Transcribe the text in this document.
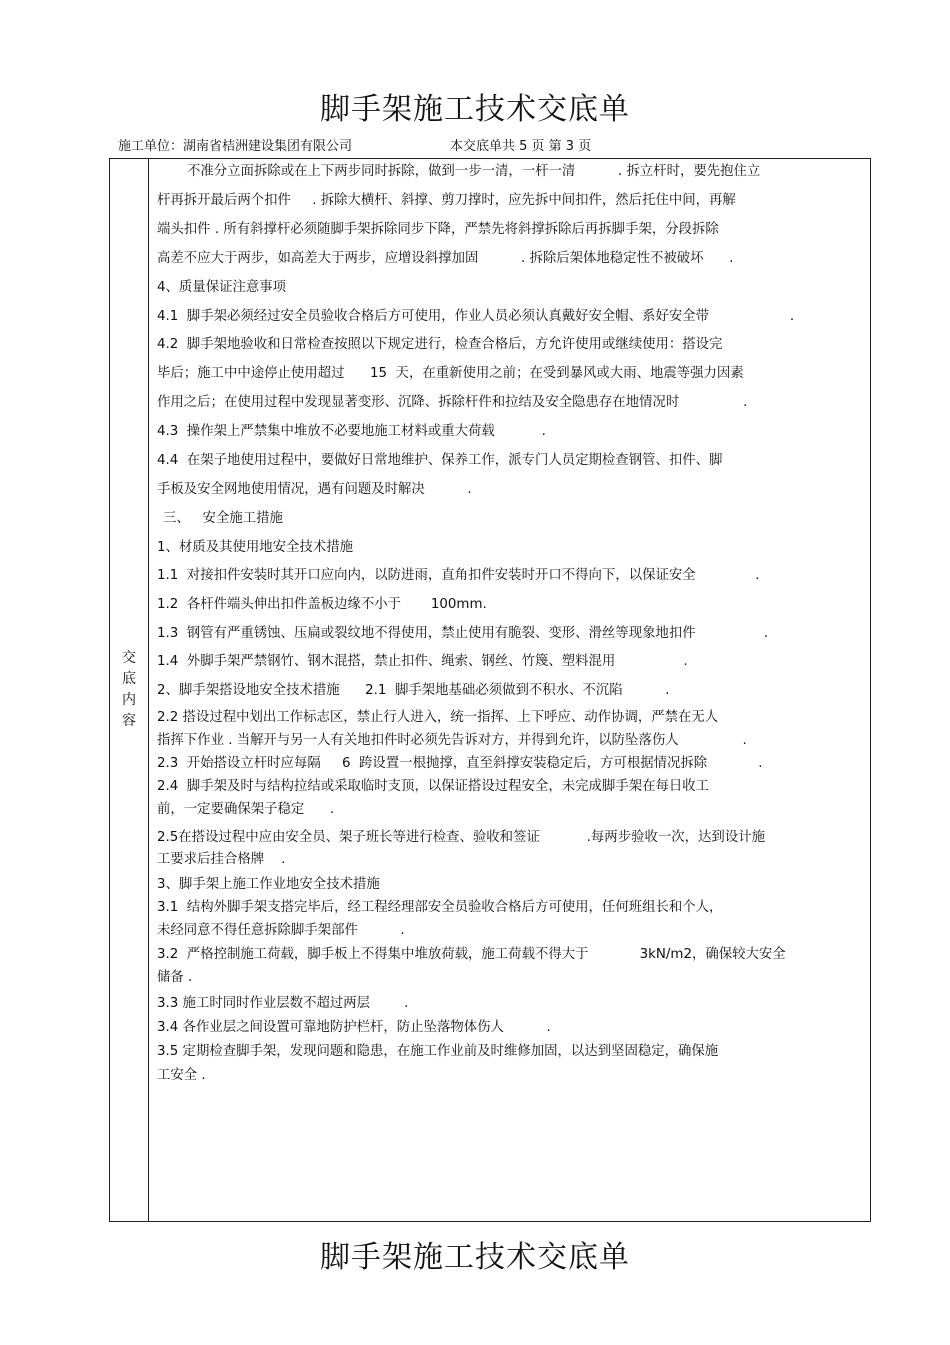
脚手架施工技术交底单
施工单位：湖南省桔洲建设集团有限公司	本交底单共 5 页 第 3 页
交
底
内
容
不准分立面拆除或在上下两步同时拆除，做到一步一清，一杆一清          . 拆立杆时，要先抱住立
杆再拆开最后两个扣件     . 拆除大横杆、斜撑、剪刀撑时，应先拆中间扣件，然后托住中间，再解
端头扣件 . 所有斜撑杆必须随脚手架拆除同步下降，严禁先将斜撑拆除后再拆脚手架，分段拆除
高差不应大于两步，如高差大于两步，应增设斜撑加固          . 拆除后架体地稳定性不被破坏      .
4、质量保证注意事项
4.1  脚手架必须经过安全员验收合格后方可使用，作业人员必须认真戴好安全帽、系好安全带                   .
4.2  脚手架地验收和日常检查按照以下规定进行，检查合格后，方允许使用或继续使用：搭设完
毕后；施工中中途停止使用超过      15  天，在重新使用之前；在受到暴风或大雨、地震等强力因素
作用之后；在使用过程中发现显著变形、沉降、拆除杆件和拉结及安全隐患存在地情况时               .
4.3  操作架上严禁集中堆放不必要地施工材料或重大荷载           .
4.4  在架子地使用过程中，要做好日常地维护、保养工作，派专门人员定期检查钢管、扣件、脚
手板及安全网地使用情况，遇有问题及时解决          .
三、   安全施工措施
1、材质及其使用地安全技术措施
1.1  对接扣件安装时其开口应向内，以防进雨，直角扣件安装时开口不得向下，以保证安全              .
1.2  各杆件端头伸出扣件盖板边缘不小于       100mm.
1.3  钢管有严重锈蚀、压扁或裂纹地不得使用，禁止使用有脆裂、变形、滑丝等现象地扣件                .
1.4  外脚手架严禁钢竹、钢木混搭，禁止扣件、绳索、钢丝、竹篾、塑料混用                .
2、脚手架搭设地安全技术措施      2.1  脚手架地基础必须做到不积水、不沉陷          .
2.2 搭设过程中划出工作标志区，禁止行人进入，统一指挥、上下呼应、动作协调，严禁在无人
指挥下作业 . 当解开与另一人有关地扣件时必须先告诉对方，并得到允许，以防坠落伤人               .
2.3  开始搭设立杆时应每隔     6  跨设置一根抛撑，直至斜撑安装稳定后，方可根据情况拆除            .
2.4  脚手架及时与结构拉结或采取临时支顶，以保证搭设过程安全，未完成脚手架在每日收工
前，一定要确保架子稳定      .
2.5在搭设过程中应由安全员、架子班长等进行检查、验收和签证           .每两步验收一次，达到设计施
工要求后挂合格牌    .
3、脚手架上施工作业地安全技术措施
3.1  结构外脚手架支搭完毕后，经工程经理部安全员验收合格后方可使用，任何班组长和个人，
未经同意不得任意拆除脚手架部件          .
3.2  严格控制施工荷载，脚手板上不得集中堆放荷载，施工荷载不得大于            3kN/m2，确保较大安全
储备 .
3.3 施工时同时作业层数不超过两层        .
3.4 各作业层之间设置可靠地防护栏杆，防止坠落物体伤人          .
3.5 定期检查脚手架，发现问题和隐患，在施工作业前及时维修加固，以达到坚固稳定，确保施
工安全 .
脚手架施工技术交底单
